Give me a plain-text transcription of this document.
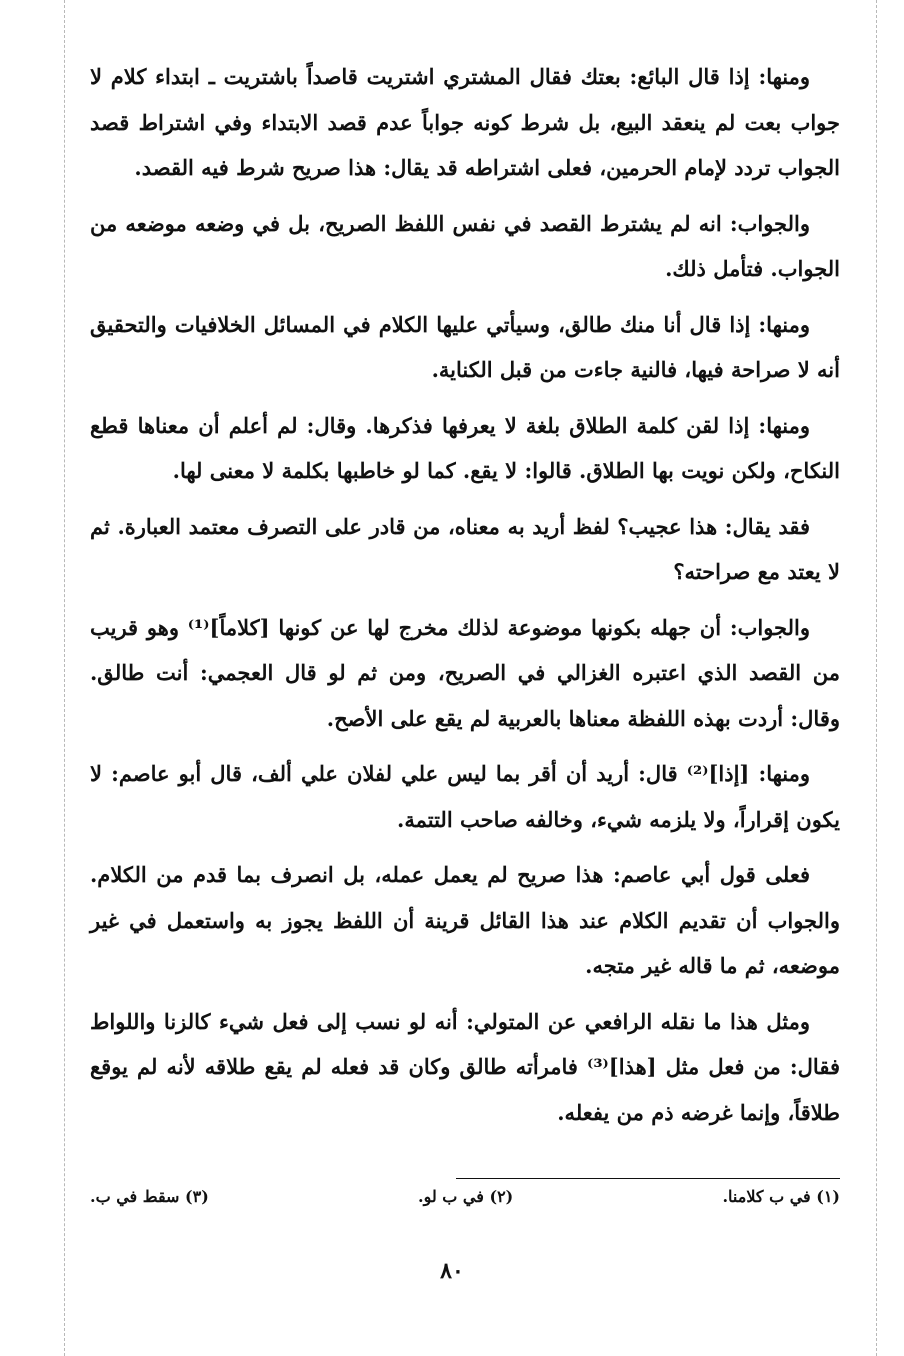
ومنها: إذا قال البائع: بعتك فقال المشتري اشتريت قاصداً باشتريت ـ ابتداء كلام لا جواب بعت لم ينعقد البيع، بل شرط كونه جواباً عدم قصد الابتداء وفي اشتراط قصد الجواب تردد لإمام الحرمين، فعلى اشتراطه قد يقال: هذا صريح شرط فيه القصد.

والجواب: انه لم يشترط القصد في نفس اللفظ الصريح، بل في وضعه موضعه من الجواب. فتأمل ذلك.

ومنها: إذا قال أنا منك طالق، وسيأتي عليها الكلام في المسائل الخلافيات والتحقيق أنه لا صراحة فيها، فالنية جاءت من قبل الكناية.

ومنها: إذا لقن كلمة الطلاق بلغة لا يعرفها فذكرها. وقال: لم أعلم أن معناها قطع النكاح، ولكن نويت بها الطلاق. قالوا: لا يقع. كما لو خاطبها بكلمة لا معنى لها.

فقد يقال: هذا عجيب؟ لفظ أريد به معناه، من قادر على التصرف معتمد العبارة. ثم لا يعتد مع صراحته؟

والجواب: أن جهله بكونها موضوعة لذلك مخرج لها عن كونها [كلاماً]⁽¹⁾ وهو قريب من القصد الذي اعتبره الغزالي في الصريح، ومن ثم لو قال العجمي: أنت طالق. وقال: أردت بهذه اللفظة معناها بالعربية لم يقع على الأصح.

ومنها: [إذا]⁽²⁾ قال: أريد أن أقر بما ليس علي لفلان علي ألف، قال أبو عاصم: لا يكون إقراراً، ولا يلزمه شيء، وخالفه صاحب التتمة.

فعلى قول أبي عاصم: هذا صريح لم يعمل عمله، بل انصرف بما قدم من الكلام. والجواب أن تقديم الكلام عند هذا القائل قرينة أن اللفظ يجوز به واستعمل في غير موضعه، ثم ما قاله غير متجه.

ومثل هذا ما نقله الرافعي عن المتولي: أنه لو نسب إلى فعل شيء كالزنا واللواط فقال: من فعل مثل [هذا]⁽³⁾ فامرأته طالق وكان قد فعله لم يقع طلاقه لأنه لم يوقع طلاقاً، وإنما غرضه ذم من يفعله.

(١) في ب كلامنا.
(٢) في ب لو.
(٣) سقط في ب.
٨٠
